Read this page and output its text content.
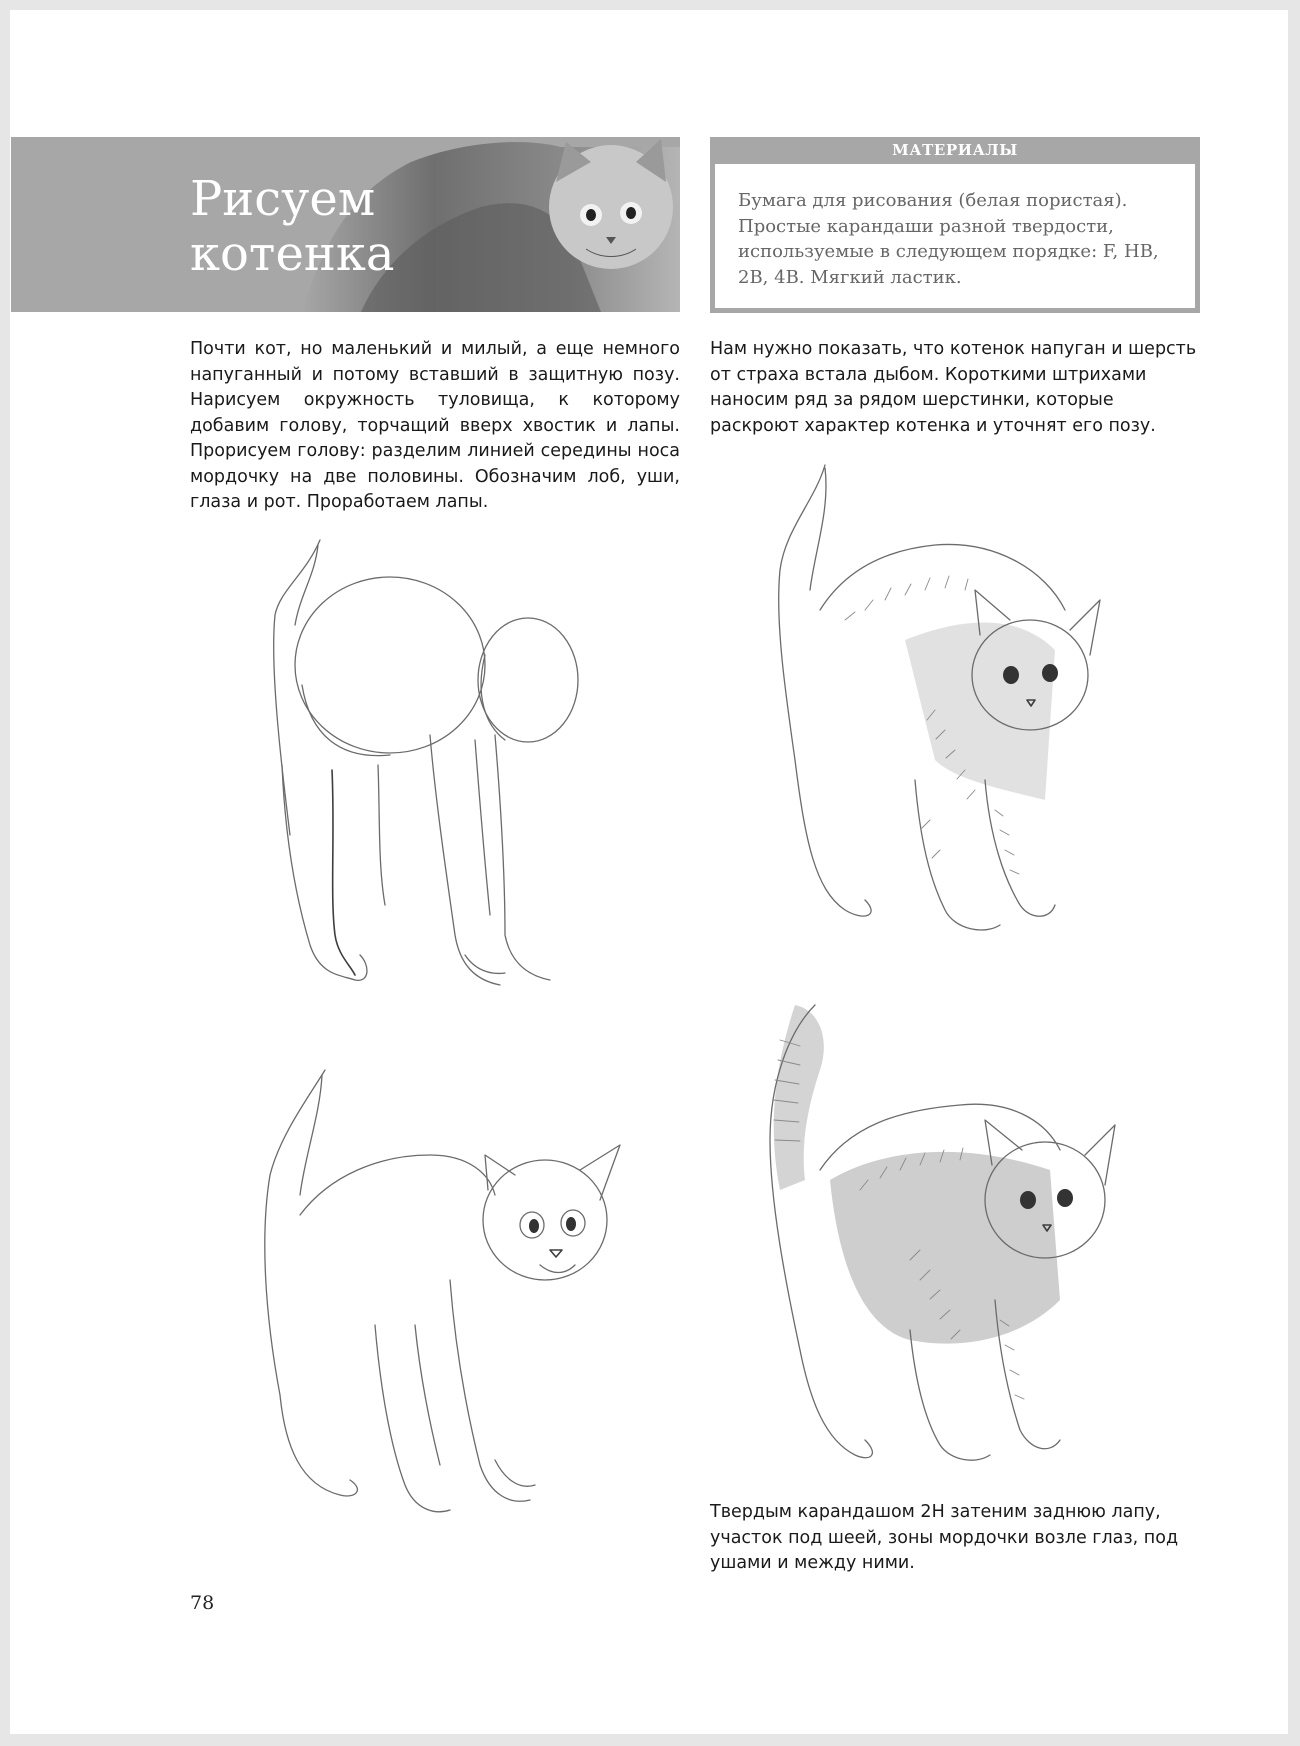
Рисуем
котенка
МАТЕРИАЛЫ

Бумага для рисования (белая пористая). Простые карандаши разной твердости, используемые в следующем порядке: F, HB, 2B, 4B. Мягкий ластик.

Почти кот, но маленький и милый, а еще немного напуганный и потому вставший в защитную позу. Нарисуем окружность туловища, к которому добавим голову, торчащий вверх хвостик и лапы. Прорисуем голову: разделим линией середины носа мордочку на две половины. Обозначим лоб, уши, глаза и рот. Проработаем лапы.

Нам нужно показать, что котенок напуган и шерсть от страха встала дыбом. Короткими штрихами наносим ряд за рядом шерстинки, которые раскроют характер котенка и уточнят его позу.

Твердым карандашом 2H затеним заднюю лапу, участок под шеей, зоны мордочки возле глаз, под ушами и между ними.

78
